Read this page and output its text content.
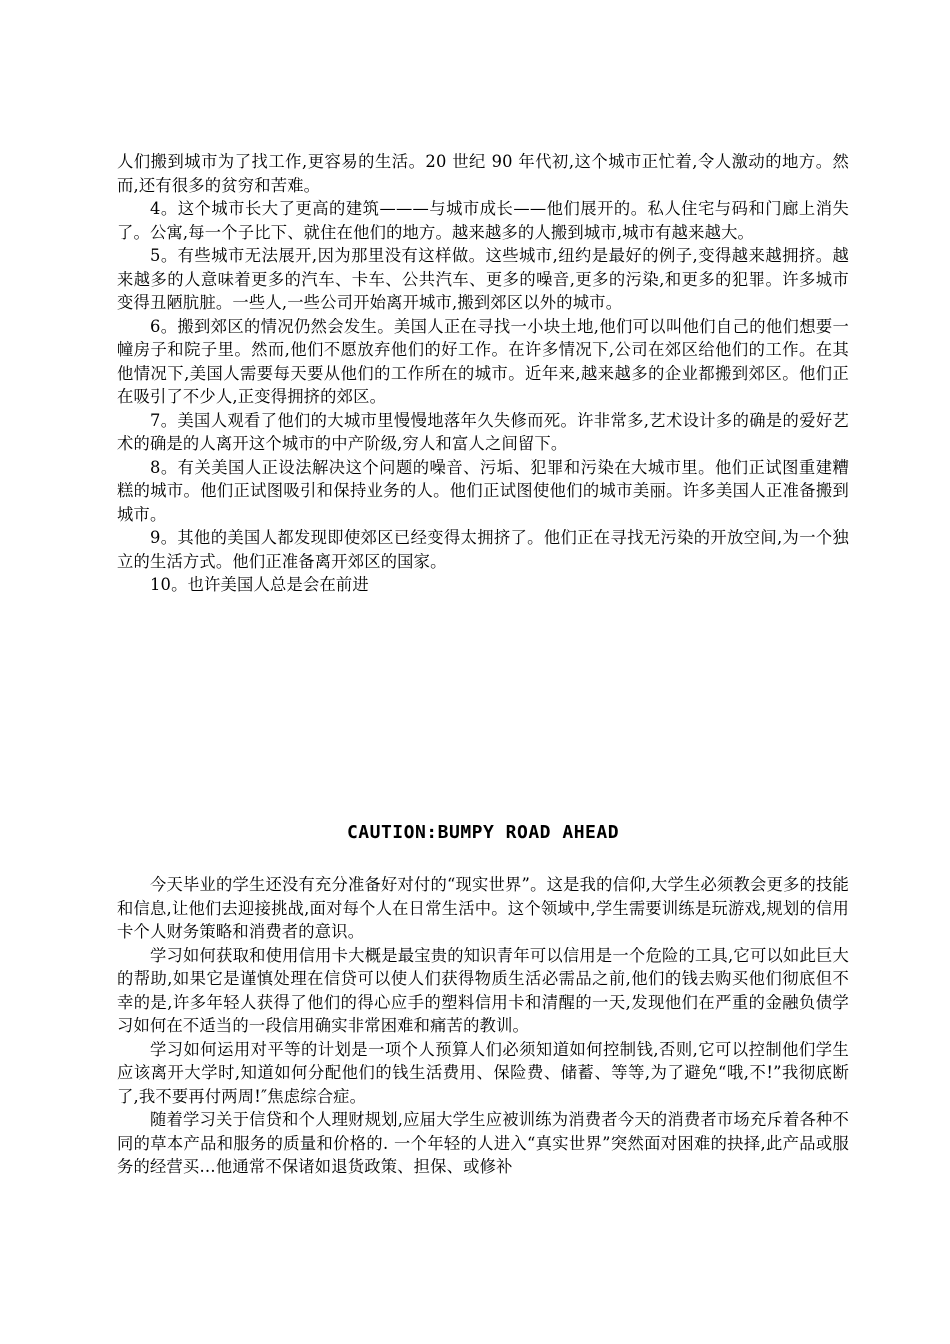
人们搬到城市为了找工作,更容易的生活。20 世纪 90 年代初,这个城市正忙着,令人激动的地方。然而,还有很多的贫穷和苦难。

4。这个城市长大了更高的建筑———与城市成长——他们展开的。私人住宅与码和门廊上消失了。公寓,每一个子比下、就住在他们的地方。越来越多的人搬到城市,城市有越来越大。

5。有些城市无法展开,因为那里没有这样做。这些城市,纽约是最好的例子,变得越来越拥挤。越来越多的人意味着更多的汽车、卡车、公共汽车、更多的噪音,更多的污染,和更多的犯罪。许多城市变得丑陋肮脏。一些人,一些公司开始离开城市,搬到郊区以外的城市。

6。搬到郊区的情况仍然会发生。美国人正在寻找一小块土地,他们可以叫他们自己的他们想要一幢房子和院子里。然而,他们不愿放弃他们的好工作。在许多情况下,公司在郊区给他们的工作。在其他情况下,美国人需要每天要从他们的工作所在的城市。近年来,越来越多的企业都搬到郊区。他们正在吸引了不少人,正变得拥挤的郊区。

7。美国人观看了他们的大城市里慢慢地落年久失修而死。许非常多,艺术设计多的确是的爱好艺术的确是的人离开这个城市的中产阶级,穷人和富人之间留下。

8。有关美国人正设法解决这个问题的噪音、污垢、犯罪和污染在大城市里。他们正试图重建糟糕的城市。他们正试图吸引和保持业务的人。他们正试图使他们的城市美丽。许多美国人正准备搬到城市。

9。其他的美国人都发现即使郊区已经变得太拥挤了。他们正在寻找无污染的开放空间,为一个独立的生活方式。他们正准备离开郊区的国家。

10。也许美国人总是会在前进

CAUTION:BUMPY ROAD AHEAD

今天毕业的学生还没有充分准备好对付的“现实世界”。这是我的信仰,大学生必须教会更多的技能和信息,让他们去迎接挑战,面对每个人在日常生活中。这个领域中,学生需要训练是玩游戏,规划的信用卡个人财务策略和消费者的意识。

学习如何获取和使用信用卡大概是最宝贵的知识青年可以信用是一个危险的工具,它可以如此巨大的帮助,如果它是谨慎处理在信贷可以使人们获得物质生活必需品之前,他们的钱去购买他们彻底但不幸的是,许多年轻人获得了他们的得心应手的塑料信用卡和清醒的一天,发现他们在严重的金融负债学习如何在不适当的一段信用确实非常困难和痛苦的教训。

学习如何运用对平等的计划是一项个人预算人们必须知道如何控制钱,否则,它可以控制他们学生应该离开大学时,知道如何分配他们的钱生活费用、保险费、储蓄、等等,为了避免“哦,不!”我彻底断了,我不要再付两周!″焦虑综合症。

随着学习关于信贷和个人理财规划,应届大学生应被训练为消费者今天的消费者市场充斥着各种不同的草本产品和服务的质量和价格的. 一个年轻的人进入“真实世界”突然面对困难的抉择,此产品或服务的经营买…他通常不保诸如退货政策、担保、或修补
